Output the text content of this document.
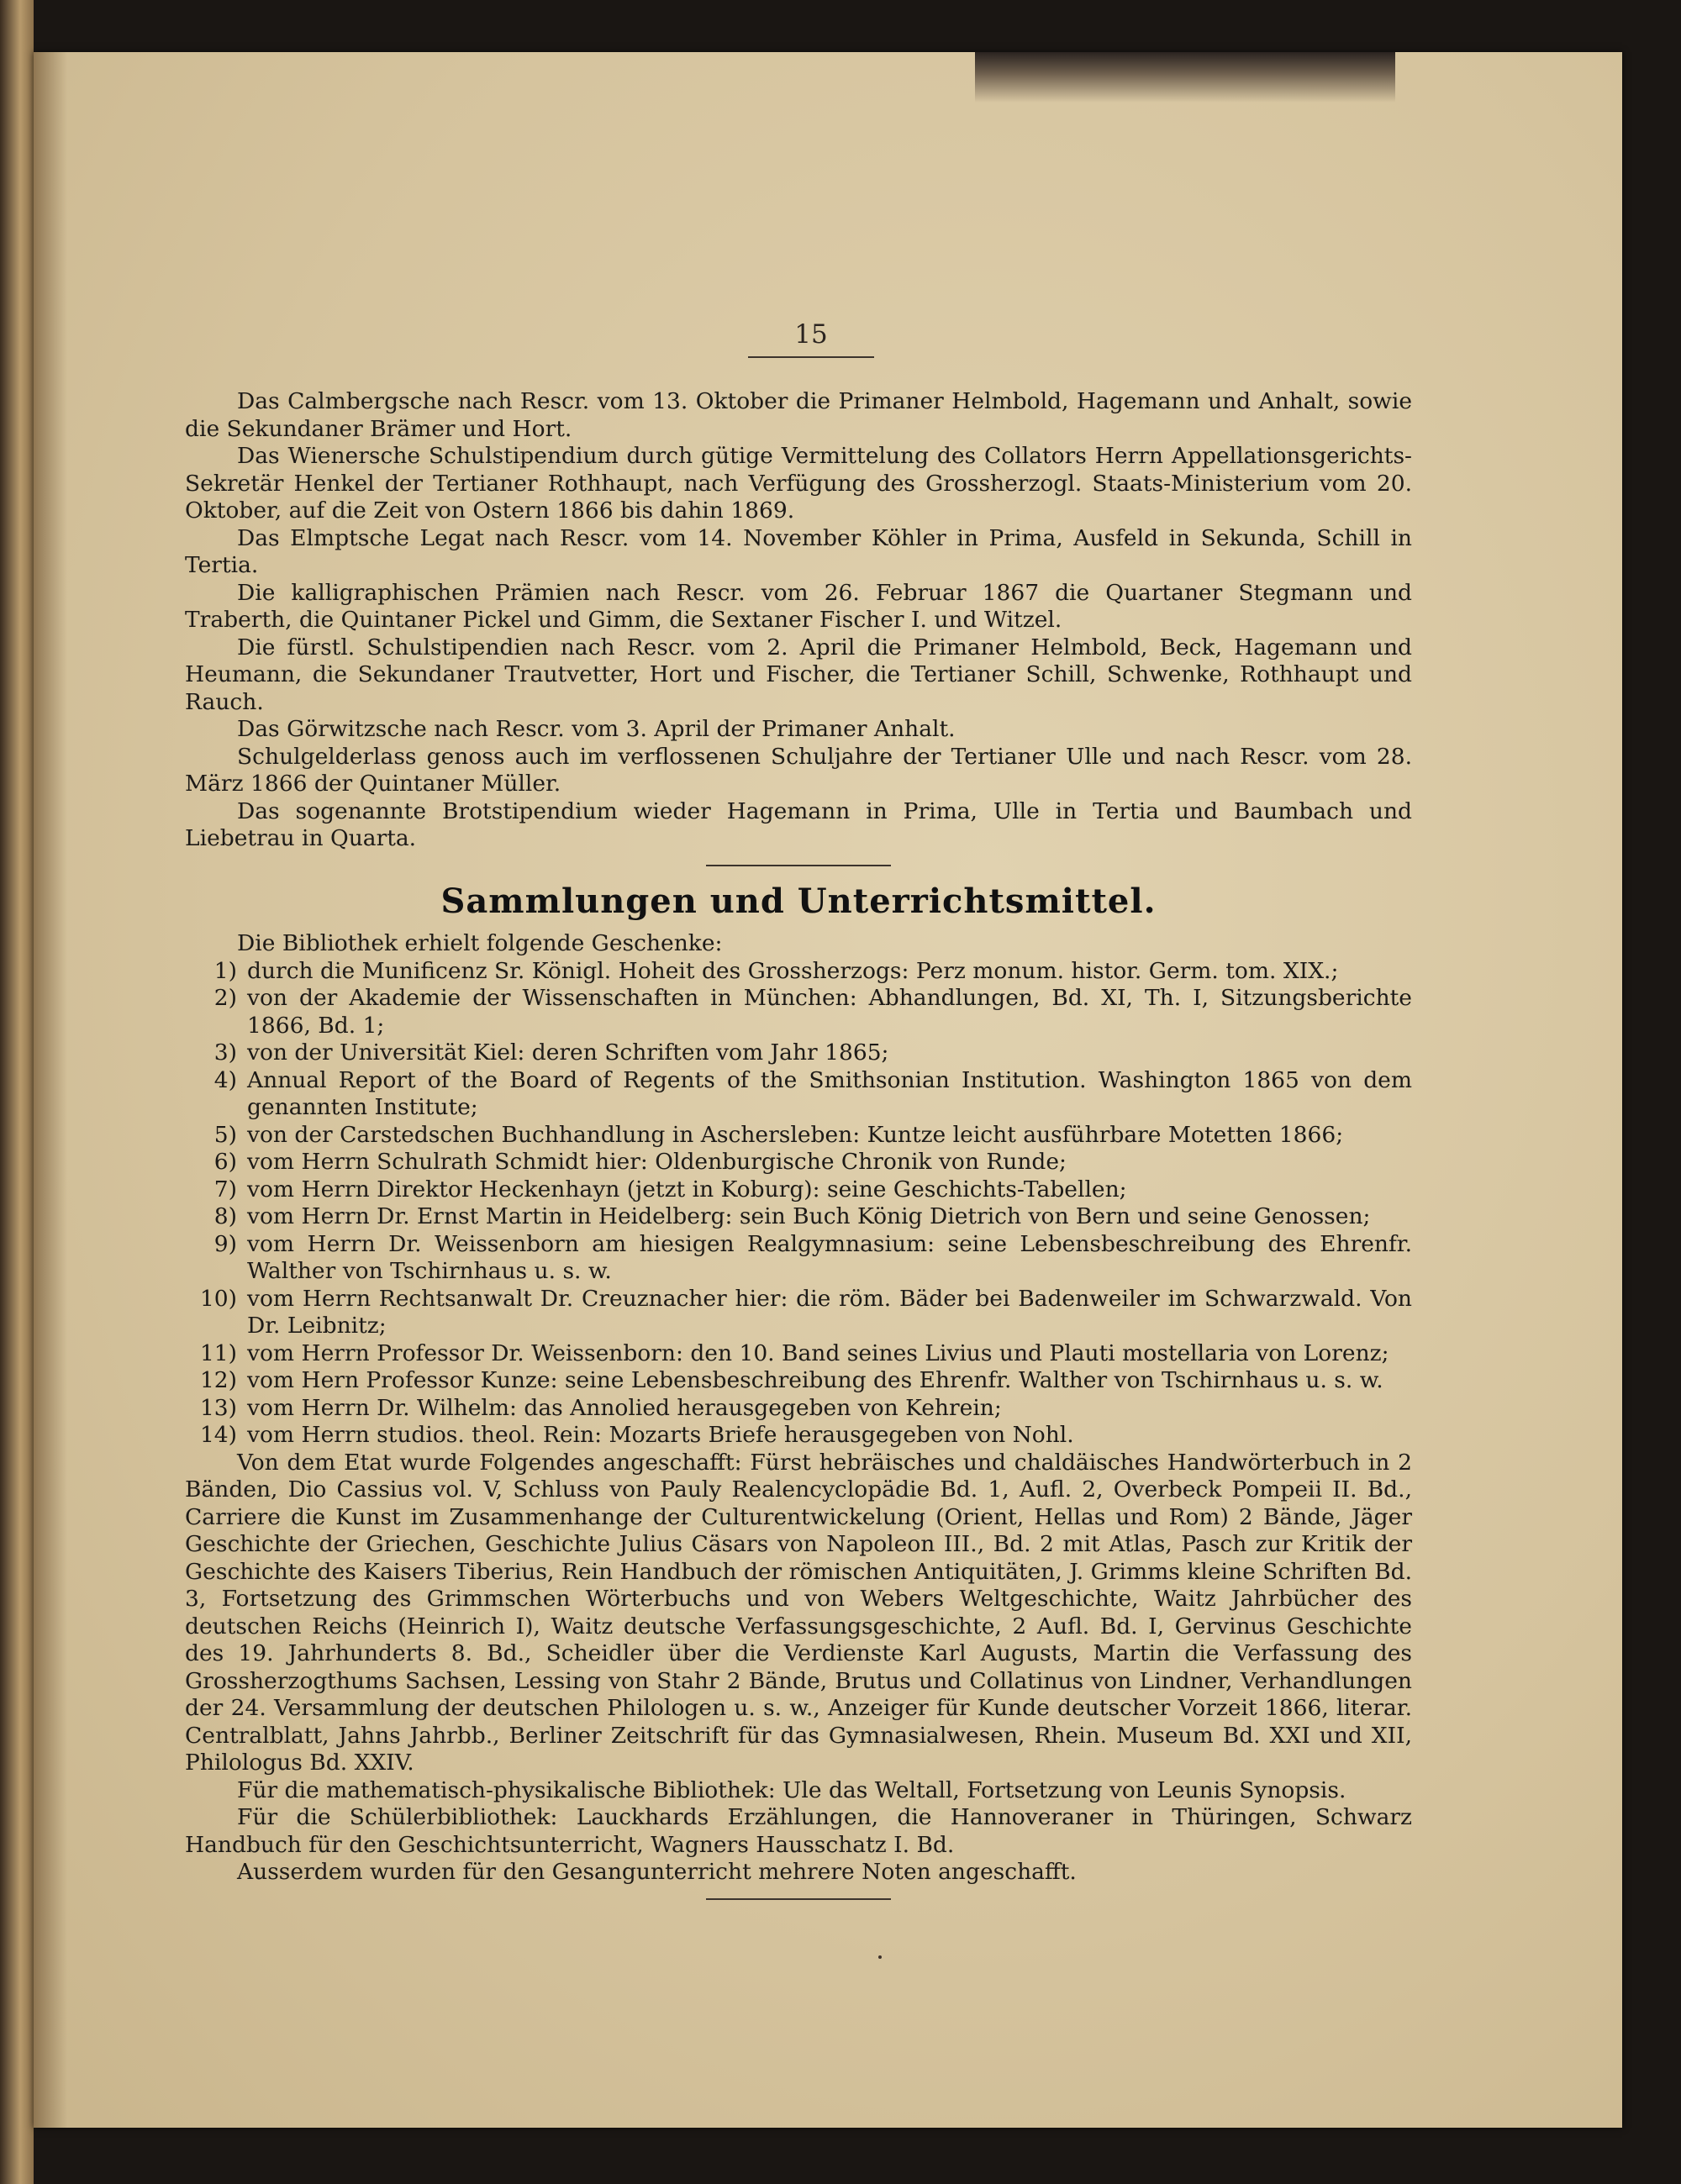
15

Das Calmbergsche nach Rescr. vom 13. Oktober die Primaner Helmbold, Hagemann und Anhalt, sowie die Sekundaner Brämer und Hort.

Das Wienersche Schulstipendium durch gütige Vermittelung des Collators Herrn Appellationsgerichts-Sekretär Henkel der Tertianer Rothhaupt, nach Verfügung des Grossherzogl. Staats-Ministerium vom 20. Oktober, auf die Zeit von Ostern 1866 bis dahin 1869.

Das Elmptsche Legat nach Rescr. vom 14. November Köhler in Prima, Ausfeld in Sekunda, Schill in Tertia.

Die kalligraphischen Prämien nach Rescr. vom 26. Februar 1867 die Quartaner Stegmann und Traberth, die Quintaner Pickel und Gimm, die Sextaner Fischer I. und Witzel.

Die fürstl. Schulstipendien nach Rescr. vom 2. April die Primaner Helmbold, Beck, Hagemann und Heumann, die Sekundaner Trautvetter, Hort und Fischer, die Tertianer Schill, Schwenke, Rothhaupt und Rauch.

Das Görwitzsche nach Rescr. vom 3. April der Primaner Anhalt.

Schulgelderlass genoss auch im verflossenen Schuljahre der Tertianer Ulle und nach Rescr. vom 28. März 1866 der Quintaner Müller.

Das sogenannte Brotstipendium wieder Hagemann in Prima, Ulle in Tertia und Baumbach und Liebetrau in Quarta.

Sammlungen und Unterrichtsmittel.

Die Bibliothek erhielt folgende Geschenke:

1) durch die Munificenz Sr. Königl. Hoheit des Grossherzogs: Perz monum. histor. Germ. tom. XIX.;
2) von der Akademie der Wissenschaften in München: Abhandlungen, Bd. XI, Th. I, Sitzungsberichte 1866, Bd. 1;
3) von der Universität Kiel: deren Schriften vom Jahr 1865;
4) Annual Report of the Board of Regents of the Smithsonian Institution. Washington 1865 von dem genannten Institute;
5) von der Carstedschen Buchhandlung in Aschersleben: Kuntze leicht ausführbare Motetten 1866;
6) vom Herrn Schulrath Schmidt hier: Oldenburgische Chronik von Runde;
7) vom Herrn Direktor Heckenhayn (jetzt in Koburg): seine Geschichts-Tabellen;
8) vom Herrn Dr. Ernst Martin in Heidelberg: sein Buch König Dietrich von Bern und seine Genossen;
9) vom Herrn Dr. Weissenborn am hiesigen Realgymnasium: seine Lebensbeschreibung des Ehrenfr. Walther von Tschirnhaus u. s. w.
10) vom Herrn Rechtsanwalt Dr. Creuznacher hier: die röm. Bäder bei Badenweiler im Schwarzwald. Von Dr. Leibnitz;
11) vom Herrn Professor Dr. Weissenborn: den 10. Band seines Livius und Plauti mostellaria von Lorenz;
12) vom Hern Professor Kunze: seine Lebensbeschreibung des Ehrenfr. Walther von Tschirnhaus u. s. w.
13) vom Herrn Dr. Wilhelm: das Annolied herausgegeben von Kehrein;
14) vom Herrn studios. theol. Rein: Mozarts Briefe herausgegeben von Nohl.

Von dem Etat wurde Folgendes angeschafft: Fürst hebräisches und chaldäisches Handwörterbuch in 2 Bänden, Dio Cassius vol. V, Schluss von Pauly Realencyclopädie Bd. 1, Aufl. 2, Overbeck Pompeii II. Bd., Carriere die Kunst im Zusammenhange der Culturentwickelung (Orient, Hellas und Rom) 2 Bände, Jäger Geschichte der Griechen, Geschichte Julius Cäsars von Napoleon III., Bd. 2 mit Atlas, Pasch zur Kritik der Geschichte des Kaisers Tiberius, Rein Handbuch der römischen Antiquitäten, J. Grimms kleine Schriften Bd. 3, Fortsetzung des Grimmschen Wörterbuchs und von Webers Weltgeschichte, Waitz Jahrbücher des deutschen Reichs (Heinrich I), Waitz deutsche Verfassungsgeschichte, 2 Aufl. Bd. I, Gervinus Geschichte des 19. Jahrhunderts 8. Bd., Scheidler über die Verdienste Karl Augusts, Martin die Verfassung des Grossherzogthums Sachsen, Lessing von Stahr 2 Bände, Brutus und Collatinus von Lindner, Verhandlungen der 24. Versammlung der deutschen Philologen u. s. w., Anzeiger für Kunde deutscher Vorzeit 1866, literar. Centralblatt, Jahns Jahrbb., Berliner Zeitschrift für das Gymnasialwesen, Rhein. Museum Bd. XXI und XII, Philologus Bd. XXIV.

Für die mathematisch-physikalische Bibliothek: Ule das Weltall, Fortsetzung von Leunis Synopsis.

Für die Schülerbibliothek: Lauckhards Erzählungen, die Hannoveraner in Thüringen, Schwarz Handbuch für den Geschichtsunterricht, Wagners Hausschatz I. Bd.

Ausserdem wurden für den Gesangunterricht mehrere Noten angeschafft.
